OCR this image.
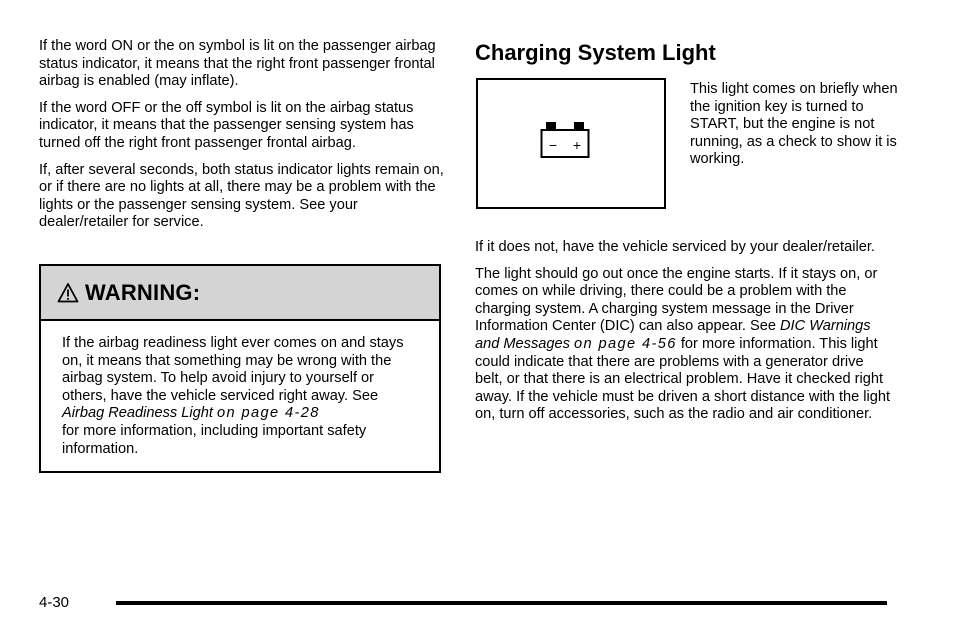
If the word ON or the on symbol is lit on the passenger airbag status indicator, it means that the right front passenger frontal airbag is enabled (may inflate).

If the word OFF or the off symbol is lit on the airbag status indicator, it means that the passenger sensing system has turned off the right front passenger frontal airbag.

If, after several seconds, both status indicator lights remain on, or if there are no lights at all, there may be a problem with the lights or the passenger sensing system. See your dealer/retailer for service.

WARNING:

If the airbag readiness light ever comes on and stays on, it means that something may be wrong with the airbag system. To help avoid injury to yourself or others, have the vehicle serviced right away. See Airbag Readiness Light on page 4‑28
for more information, including important safety information.

Charging System Light
− +

This light comes on briefly when the ignition key is turned to START, but the engine is not running, as a check to show it is working.

If it does not, have the vehicle serviced by your dealer/retailer.

The light should go out once the engine starts. If it stays on, or comes on while driving, there could be a problem with the charging system. A charging system message in the Driver Information Center (DIC) can also appear. See DIC Warnings and Messages on page 4‑56 for more information. This light could indicate that there are problems with a generator drive belt, or that there is an electrical problem. Have it checked right away. If the vehicle must be driven a short distance with the light on, turn off accessories, such as the radio and air conditioner.

4-30
